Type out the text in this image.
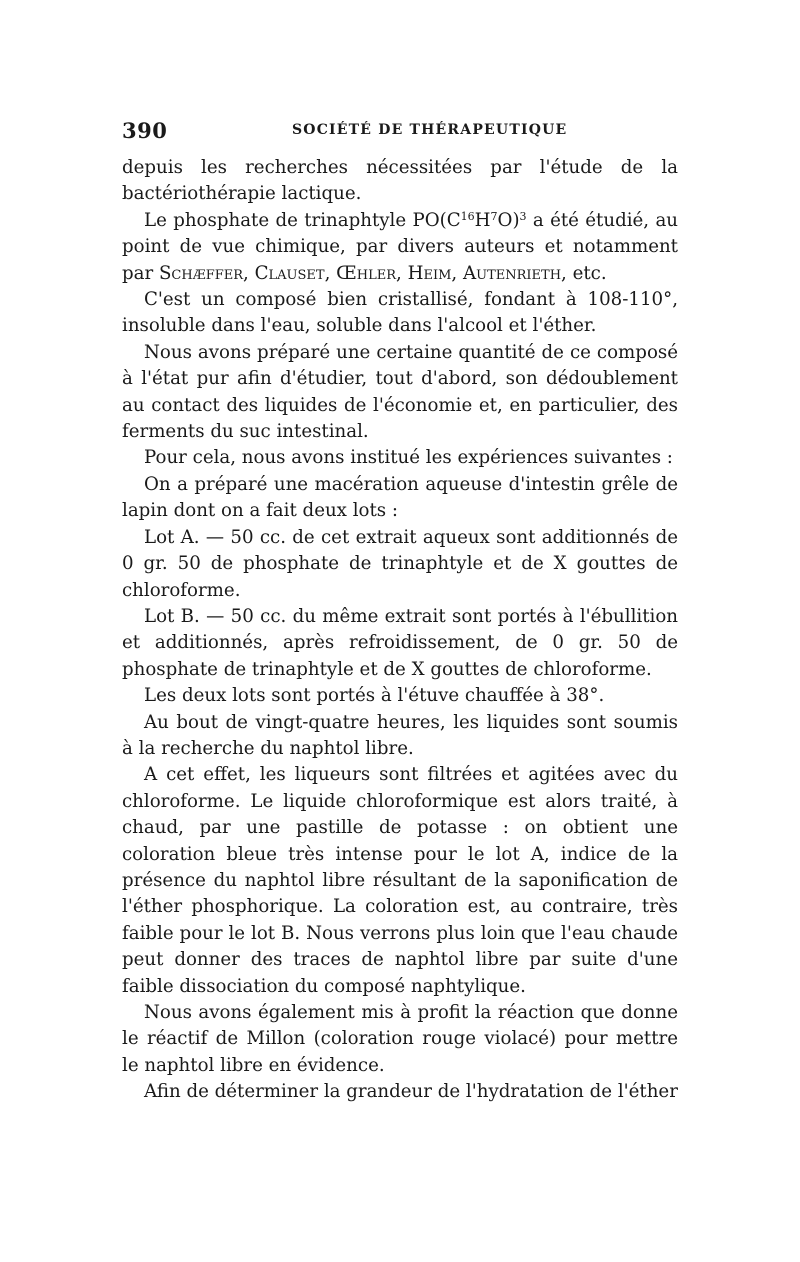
390	SOCIÉTÉ DE THÉRAPEUTIQUE

depuis les recherches nécessitées par l'étude de la bactériothérapie lactique.

Le phosphate de trinaphtyle $PO(C^{16}H^7O)^3$ a été étudié, au point de vue chimique, par divers auteurs et notamment par Schæffer, Clauset, Œhler, Heim, Autenrieth, etc.

C'est un composé bien cristallisé, fondant à 108-110°, insoluble dans l'eau, soluble dans l'alcool et l'éther.

Nous avons préparé une certaine quantité de ce composé à l'état pur afin d'étudier, tout d'abord, son dédoublement au contact des liquides de l'économie et, en particulier, des ferments du suc intestinal.

Pour cela, nous avons institué les expériences suivantes :

On a préparé une macération aqueuse d'intestin grêle de lapin dont on a fait deux lots :

Lot A. — 50 cc. de cet extrait aqueux sont additionnés de 0 gr. 50 de phosphate de trinaphtyle et de X gouttes de chloroforme.

Lot B. — 50 cc. du même extrait sont portés à l'ébullition et additionnés, après refroidissement, de 0 gr. 50 de phosphate de trinaphtyle et de X gouttes de chloroforme.

Les deux lots sont portés à l'étuve chauffée à 38°.

Au bout de vingt-quatre heures, les liquides sont soumis à la recherche du naphtol libre.

A cet effet, les liqueurs sont filtrées et agitées avec du chloroforme. Le liquide chloroformique est alors traité, à chaud, par une pastille de potasse : on obtient une coloration bleue très intense pour le lot A, indice de la présence du naphtol libre résultant de la saponification de l'éther phosphorique. La coloration est, au contraire, très faible pour le lot B. Nous verrons plus loin que l'eau chaude peut donner des traces de naphtol libre par suite d'une faible dissociation du composé naphtylique.

Nous avons également mis à profit la réaction que donne le réactif de Millon (coloration rouge violacé) pour mettre le naphtol libre en évidence.

Afin de déterminer la grandeur de l'hydratation de l'éther
